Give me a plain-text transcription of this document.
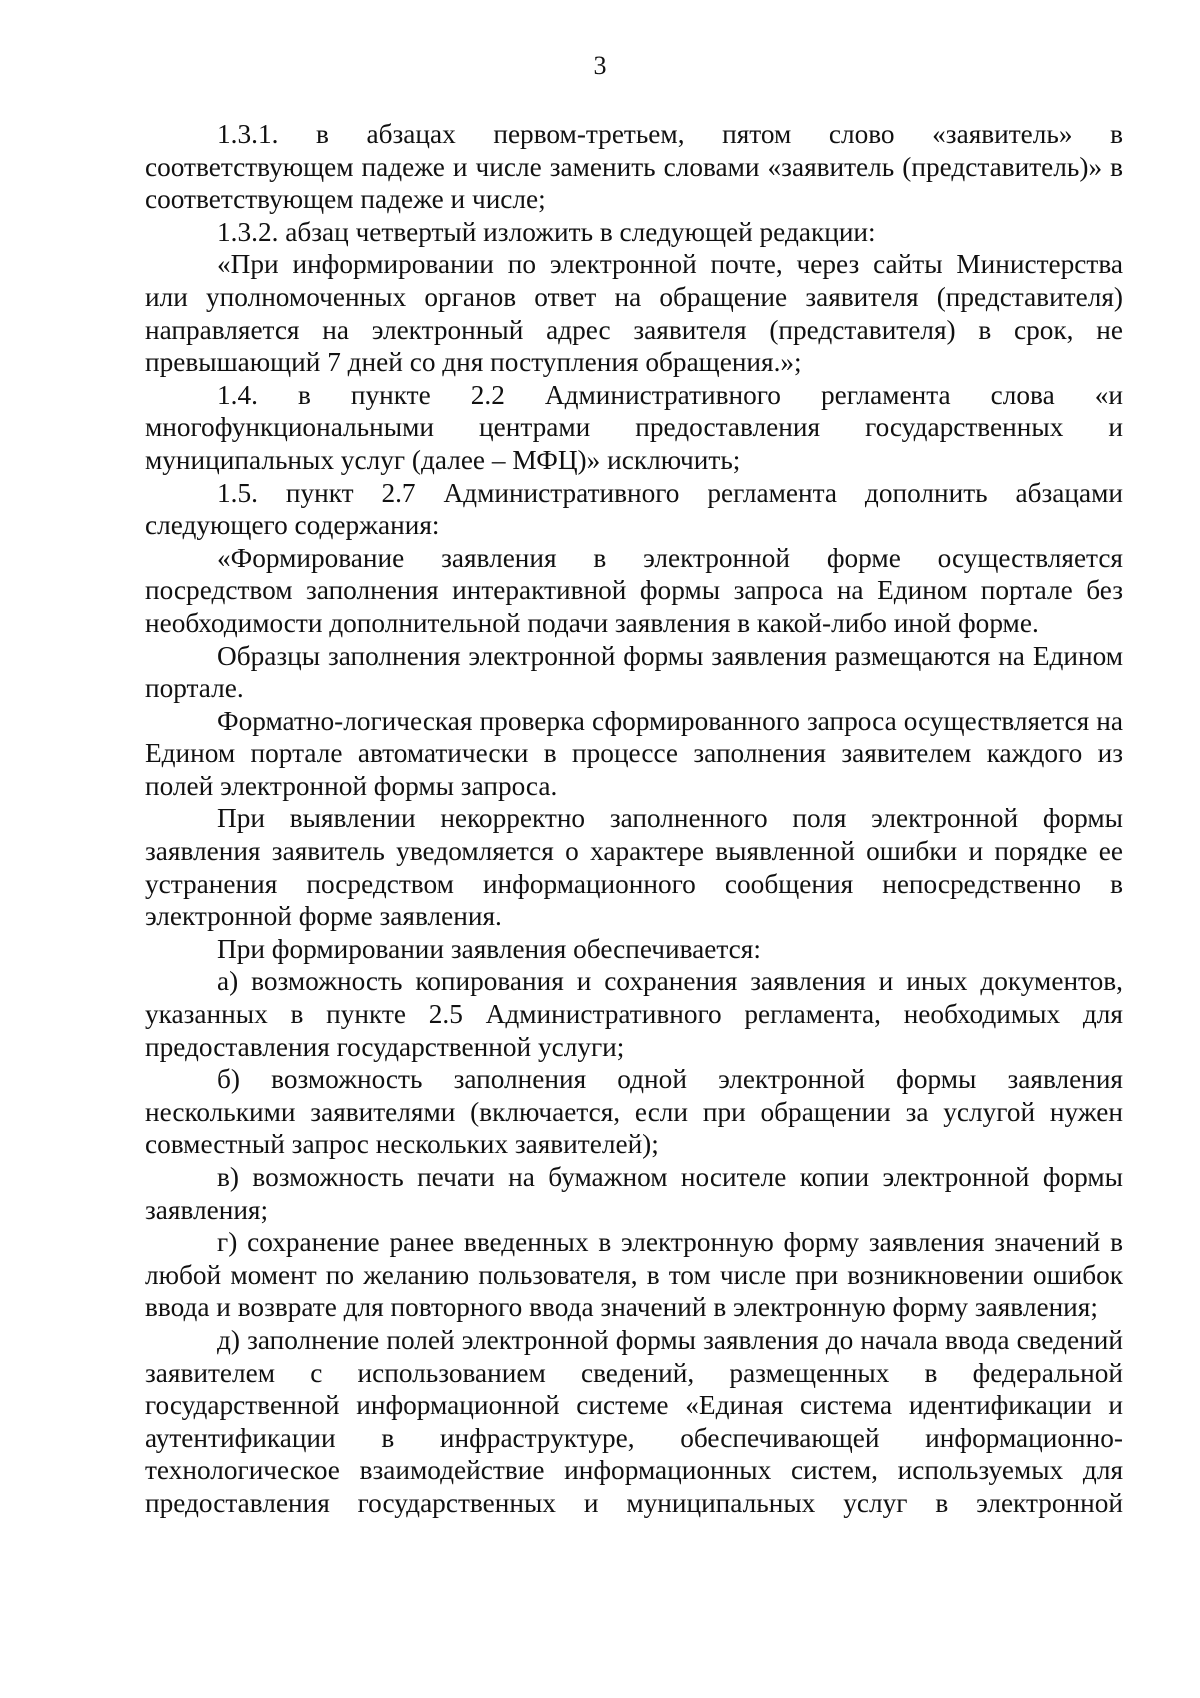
3

1.3.1. в абзацах первом-третьем, пятом слово «заявитель» в соответствующем падеже и числе заменить словами «заявитель (представитель)» в соответствующем падеже и числе;

1.3.2. абзац четвертый изложить в следующей редакции:

«При информировании по электронной почте, через сайты Министерства или уполномоченных органов ответ на обращение заявителя (представителя) направляется на электронный адрес заявителя (представителя) в срок, не превышающий 7 дней со дня поступления обращения.»;

1.4. в пункте 2.2 Административного регламента слова «и многофункциональными центрами предоставления государственных и муниципальных услуг (далее – МФЦ)» исключить;

1.5. пункт 2.7 Административного регламента дополнить абзацами следующего содержания:

«Формирование заявления в электронной форме осуществляется посредством заполнения интерактивной формы запроса на Едином портале без необходимости дополнительной подачи заявления в какой-либо иной форме.

Образцы заполнения электронной формы заявления размещаются на Едином портале.

Форматно-логическая проверка сформированного запроса осуществляется на Едином портале автоматически в процессе заполнения заявителем каждого из полей электронной формы запроса.

При выявлении некорректно заполненного поля электронной формы заявления заявитель уведомляется о характере выявленной ошибки и порядке ее устранения посредством информационного сообщения непосредственно в электронной форме заявления.

При формировании заявления обеспечивается:

а) возможность копирования и сохранения заявления и иных документов, указанных в пункте 2.5 Административного регламента, необходимых для предоставления государственной услуги;

б) возможность заполнения одной электронной формы заявления несколькими заявителями (включается, если при обращении за услугой нужен совместный запрос нескольких заявителей);

в) возможность печати на бумажном носителе копии электронной формы заявления;

г) сохранение ранее введенных в электронную форму заявления значений в любой момент по желанию пользователя, в том числе при возникновении ошибок ввода и возврате для повторного ввода значений в электронную форму заявления;

д) заполнение полей электронной формы заявления до начала ввода сведений заявителем с использованием сведений, размещенных в федеральной государственной информационной системе «Единая система идентификации и аутентификации в инфраструктуре, обеспечивающей информационно-технологическое взаимодействие информационных систем, используемых для предоставления государственных и муниципальных услуг в электронной
